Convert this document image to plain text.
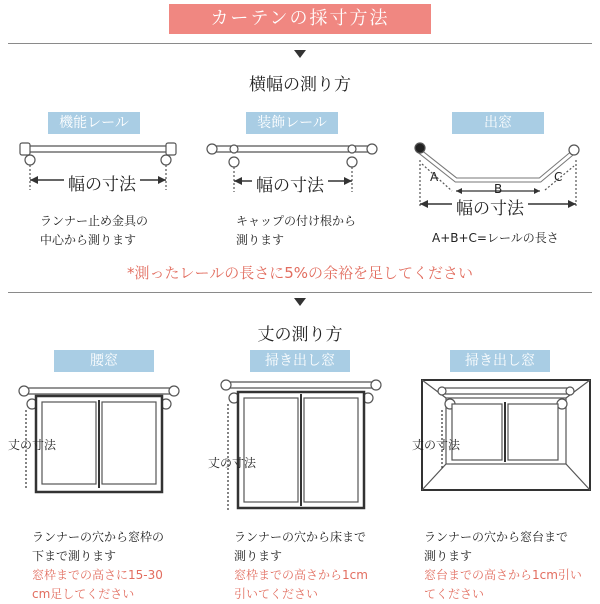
カーテンの採寸方法
横幅の測り方
機能レール	装飾レール	出窓
幅の寸法	幅の寸法
幅の寸法
A
B
C
ランナー止め金具の
中心から測ります
キャップの付け根から
測ります	A+B+C=レールの長さ
*測ったレールの長さに5%の余裕を足してください
丈の測り方
腰窓	掃き出し窓	掃き出し窓
丈の寸法
丈の寸法
丈の寸法
ランナーの穴から窓枠の
下まで測ります
窓枠までの高さに15-30
cm足してください
ランナーの穴から床まで
測ります
窓枠までの高さから1cm
引いてください
ランナーの穴から窓台まで
測ります
窓台までの高さから1cm引い
てください
